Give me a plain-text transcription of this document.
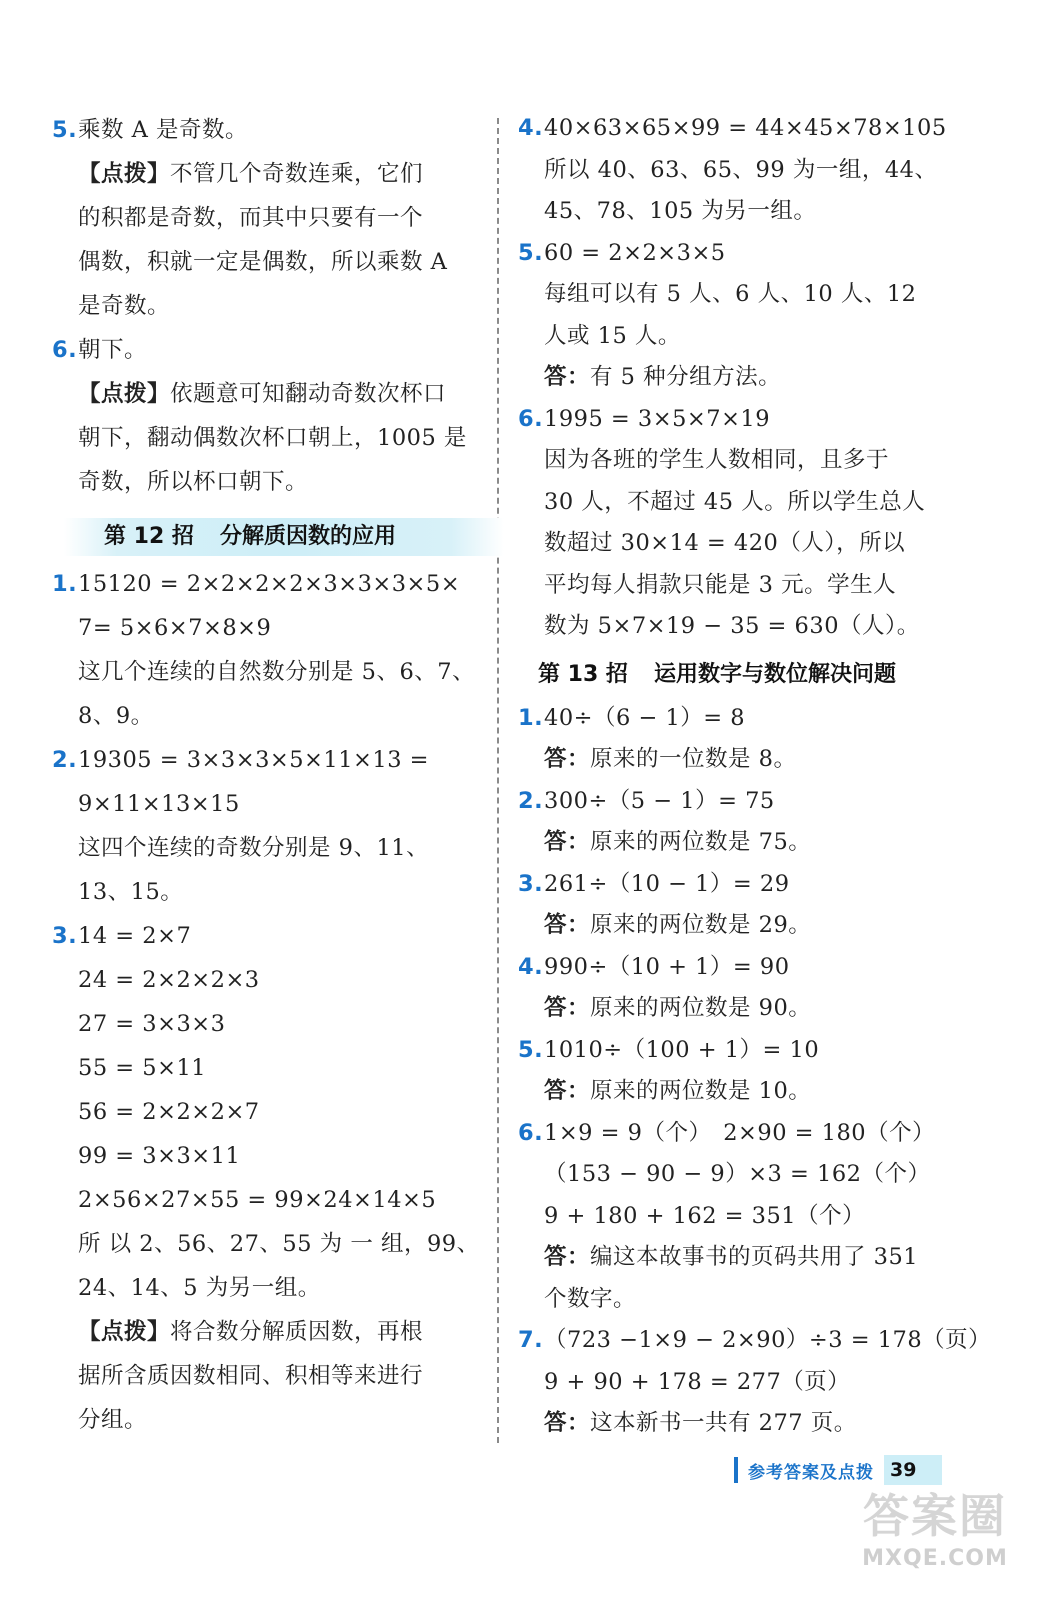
5.乘数 A 是奇数。
【点拨】不管几个奇数连乘，它们
的积都是奇数，而其中只要有一个
偶数，积就一定是偶数，所以乘数 A
是奇数。
6.朝下。
【点拨】依题意可知翻动奇数次杯口
朝下，翻动偶数次杯口朝上，1005 是
奇数，所以杯口朝下。
第 12 招 分解质因数的应用
1.15120 = 2×2×2×2×3×3×3×5×
7= 5×6×7×8×9
这几个连续的自然数分别是 5、6、7、
8、9。
2.19305 = 3×3×3×5×11×13 =
9×11×13×15
这四个连续的奇数分别是 9、11、
13、15。
3.14 = 2×7
24 = 2×2×2×3
27 = 3×3×3
55 = 5×11
56 = 2×2×2×7
99 = 3×3×11
2×56×27×55 = 99×24×14×5
所 以 2、56、27、55 为 一 组，99、
24、14、5 为另一组。
【点拨】将合数分解质因数，再根
据所含质因数相同、积相等来进行
分组。
4.40×63×65×99 = 44×45×78×105
所以 40、63、65、99 为一组，44、
45、78、105 为另一组。
5.60 = 2×2×3×5
每组可以有 5 人、6 人、10 人、12
人或 15 人。
答：有 5 种分组方法。
6.1995 = 3×5×7×19
因为各班的学生人数相同，且多于
30 人，不超过 45 人。所以学生总人
数超过 30×14 = 420（人），所以
平均每人捐款只能是 3 元。学生人
数为 5×7×19 − 35 = 630（人）。
第 13 招 运用数字与数位解决问题
1.40÷（6 − 1）= 8
答：原来的一位数是 8。
2.300÷（5 − 1）= 75
答：原来的两位数是 75。
3.261÷（10 − 1）= 29
答：原来的两位数是 29。
4.990÷（10 + 1）= 90
答：原来的两位数是 90。
5.1010÷（100 + 1）= 10
答：原来的两位数是 10。
6.1×9 = 9（个）　2×90 = 180（个）
（153 − 90 − 9）×3 = 162（个）
9 + 180 + 162 = 351（个）
答：编这本故事书的页码共用了 351
个数字。
7.（723 −1×9 − 2×90）÷3 = 178（页）
9 + 90 + 178 = 277（页）
答：这本新书一共有 277 页。
参考答案及点拨 39
答案圈
MXQE.COM
